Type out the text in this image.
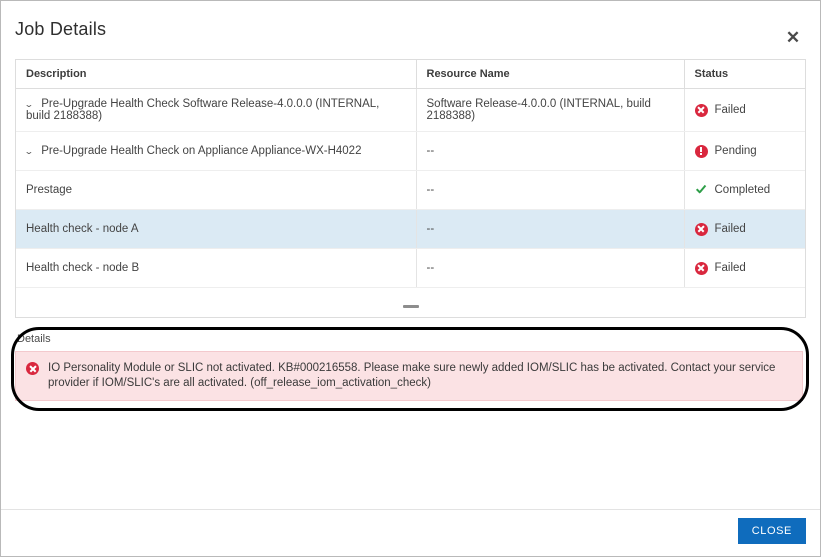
Job Details	✕
Description	Resource Name	Status
⌄ Pre-Upgrade Health Check Software Release-4.0.0.0 (INTERNAL, build 2188388)	Software Release-4.0.0.0 (INTERNAL, build 2188388)	Failed

⌄ Pre-Upgrade Health Check on Appliance Appliance-WX-H4022	--	Pending

Prestage	--	Completed

Health check - node A	--	Failed

Health check - node B	--	Failed
Details
IO Personality Module or SLIC not activated. KB#000216558. Please make sure newly added IOM/SLIC has be activated. Contact your service provider if IOM/SLIC's are all activated. (off_release_iom_activation_check)
CLOSE
